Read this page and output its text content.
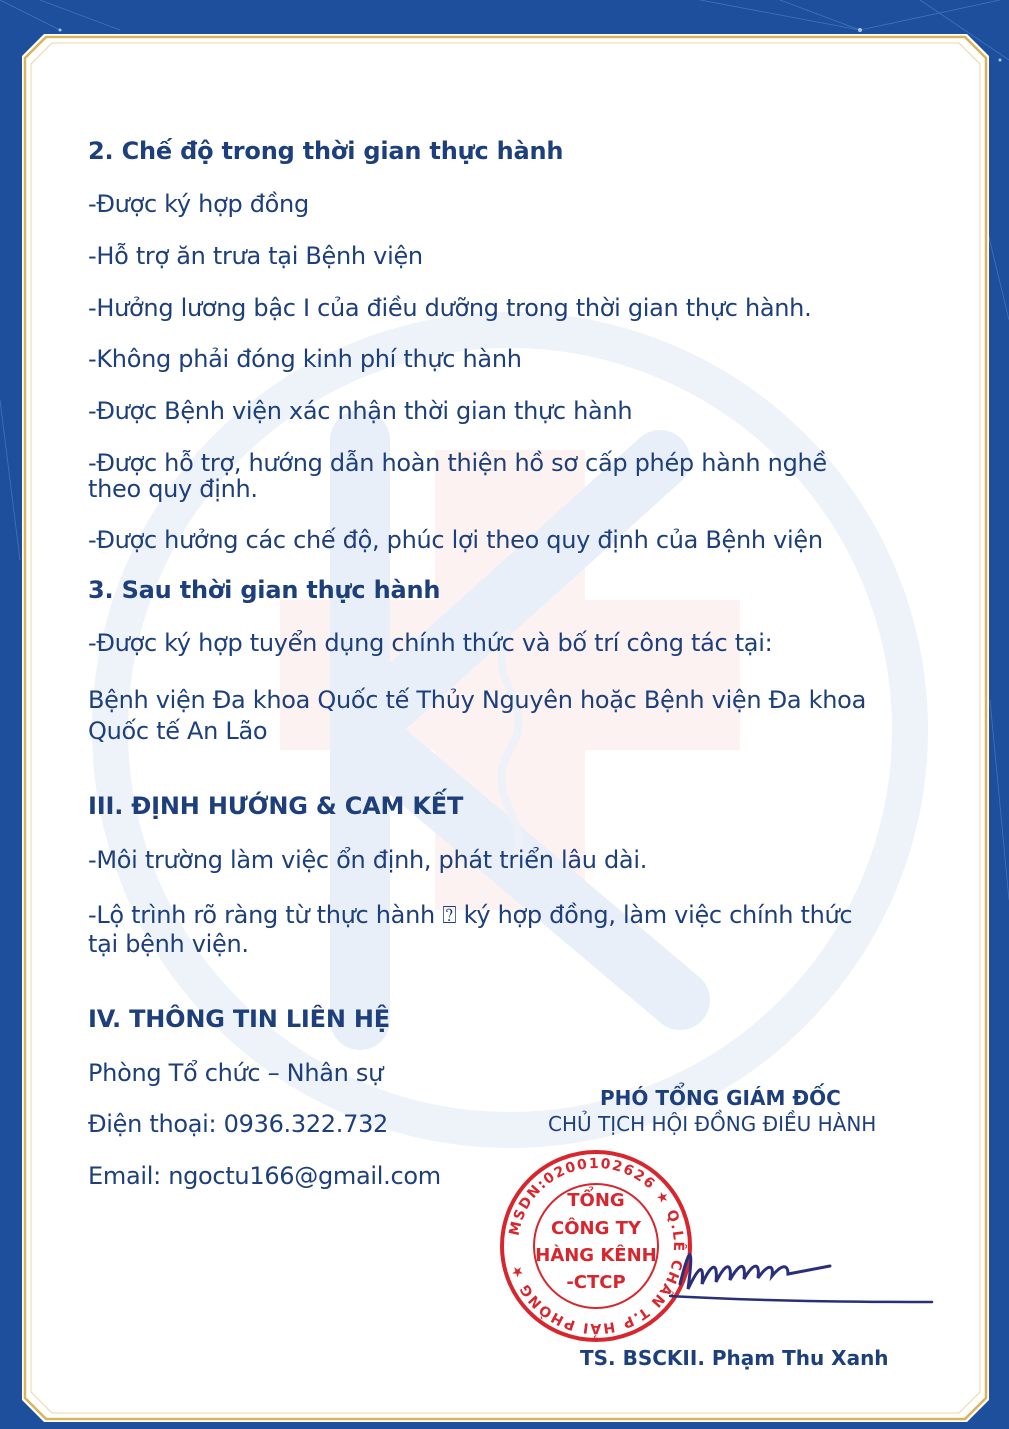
2. Chế độ trong thời gian thực hành

-Được ký hợp đồng

-Hỗ trợ ăn trưa tại Bệnh viện

-Hưởng lương bậc I của điều dưỡng trong thời gian thực hành.

-Không phải đóng kinh phí thực hành

-Được Bệnh viện xác nhận thời gian thực hành

-Được hỗ trợ, hướng dẫn hoàn thiện hồ sơ cấp phép hành nghề

theo quy định.

-Được hưởng các chế độ, phúc lợi theo quy định của Bệnh viện

3. Sau thời gian thực hành

-Được ký hợp tuyển dụng chính thức và bố trí công tác tại:

Bệnh viện Đa khoa Quốc tế Thủy Nguyên hoặc Bệnh viện Đa khoa

Quốc tế An Lão

III. ĐỊNH HƯỚNG & CAM KẾT

-Môi trường làm việc ổn định, phát triển lâu dài.

-Lộ trình rõ ràng từ thực hành ⍰ ký hợp đồng, làm việc chính thức

tại bệnh viện.

IV. THÔNG TIN LIÊN HỆ

Phòng Tổ chức – Nhân sự

Điện thoại: 0936.322.732

Email: ngoctu166@gmail.com

PHÓ TỔNG GIÁM ĐỐC
CHỦ TỊCH HỘI ĐỒNG ĐIỀU HÀNH
MSDN:0200102626 ★ Q.LÊ CHÂN T.P HẢI PHÒNG ★
TỔNG
CÔNG TY
HÀNG KÊNH
-CTCP
TS. BSCKII. Phạm Thu Xanh
